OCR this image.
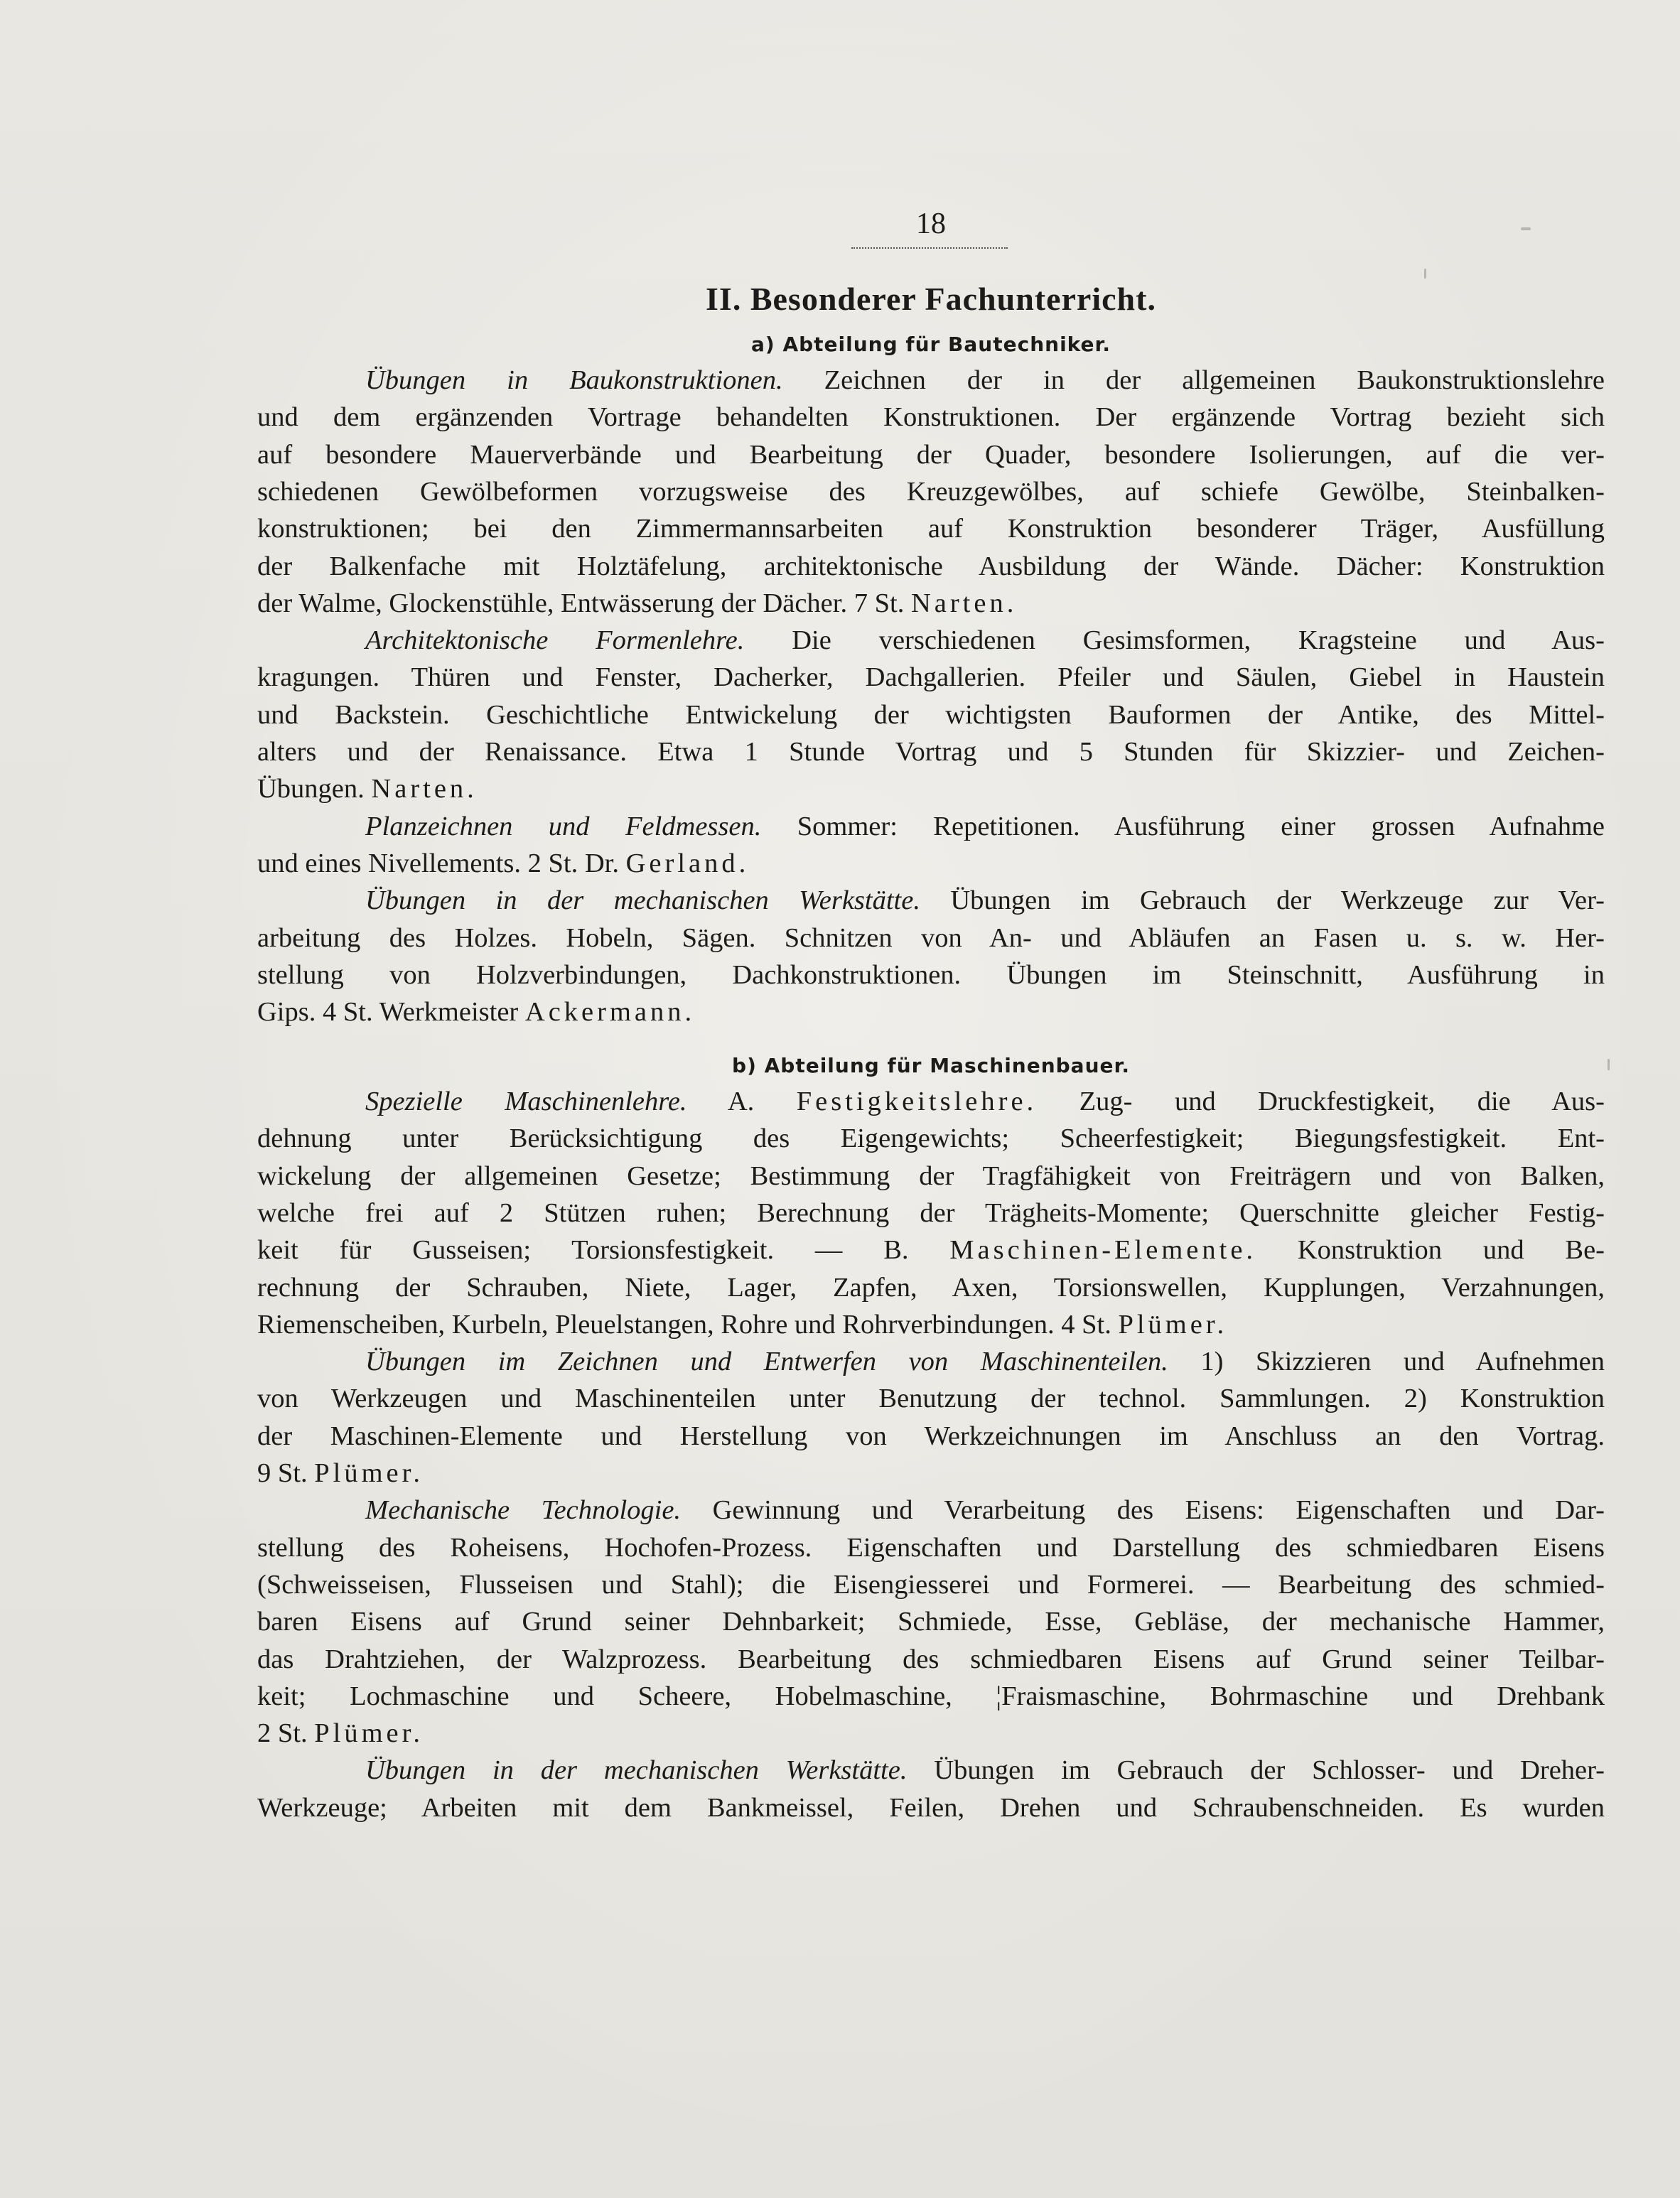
18
II. Besonderer Fachunterricht.
a) Abteilung für Bautechniker.
b) Abteilung für Maschinenbauer.
Übungen in Baukonstruktionen. Zeichnen der in der allgemeinen Baukonstruktionslehre
und dem ergänzenden Vortrage behandelten Konstruktionen. Der ergänzende Vortrag bezieht sich
auf besondere Mauerverbände und Bearbeitung der Quader, besondere Isolierungen, auf die ver-
schiedenen Gewölbeformen vorzugsweise des Kreuzgewölbes, auf schiefe Gewölbe, Steinbalken-
konstruktionen; bei den Zimmermannsarbeiten auf Konstruktion besonderer Träger, Ausfüllung
der Balkenfache mit Holztäfelung, architektonische Ausbildung der Wände. Dächer: Konstruktion
der Walme, Glockenstühle, Entwässerung der Dächer. 7 St. Narten.
Architektonische Formenlehre. Die verschiedenen Gesimsformen, Kragsteine und Aus-
kragungen. Thüren und Fenster, Dacherker, Dachgallerien. Pfeiler und Säulen, Giebel in Haustein
und Backstein. Geschichtliche Entwickelung der wichtigsten Bauformen der Antike, des Mittel-
alters und der Renaissance. Etwa 1 Stunde Vortrag und 5 Stunden für Skizzier- und Zeichen-
Übungen. Narten.
Planzeichnen und Feldmessen. Sommer: Repetitionen. Ausführung einer grossen Aufnahme
und eines Nivellements. 2 St. Dr. Gerland.
Übungen in der mechanischen Werkstätte. Übungen im Gebrauch der Werkzeuge zur Ver-
arbeitung des Holzes. Hobeln, Sägen. Schnitzen von An- und Abläufen an Fasen u. s. w. Her-
stellung von Holzverbindungen, Dachkonstruktionen. Übungen im Steinschnitt, Ausführung in
Gips. 4 St. Werkmeister Ackermann.
Spezielle Maschinenlehre. A. Festigkeitslehre. Zug- und Druckfestigkeit, die Aus-
dehnung unter Berücksichtigung des Eigengewichts; Scheerfestigkeit; Biegungsfestigkeit. Ent-
wickelung der allgemeinen Gesetze; Bestimmung der Tragfähigkeit von Freiträgern und von Balken,
welche frei auf 2 Stützen ruhen; Berechnung der Trägheits-Momente; Querschnitte gleicher Festig-
keit für Gusseisen; Torsionsfestigkeit. — B. Maschinen-Elemente. Konstruktion und Be-
rechnung der Schrauben, Niete, Lager, Zapfen, Axen, Torsionswellen, Kupplungen, Verzahnungen,
Riemenscheiben, Kurbeln, Pleuelstangen, Rohre und Rohrverbindungen. 4 St. Plümer.
Übungen im Zeichnen und Entwerfen von Maschinenteilen. 1) Skizzieren und Aufnehmen
von Werkzeugen und Maschinenteilen unter Benutzung der technol. Sammlungen. 2) Konstruktion
der Maschinen-Elemente und Herstellung von Werkzeichnungen im Anschluss an den Vortrag.
9 St. Plümer.
Mechanische Technologie. Gewinnung und Verarbeitung des Eisens: Eigenschaften und Dar-
stellung des Roheisens, Hochofen-Prozess. Eigenschaften und Darstellung des schmiedbaren Eisens
(Schweisseisen, Flusseisen und Stahl); die Eisengiesserei und Formerei. — Bearbeitung des schmied-
baren Eisens auf Grund seiner Dehnbarkeit; Schmiede, Esse, Gebläse, der mechanische Hammer,
das Drahtziehen, der Walzprozess. Bearbeitung des schmiedbaren Eisens auf Grund seiner Teilbar-
keit; Lochmaschine und Scheere, Hobelmaschine, ¦Fraismaschine, Bohrmaschine und Drehbank
2 St. Plümer.
Übungen in der mechanischen Werkstätte. Übungen im Gebrauch der Schlosser- und Dreher-
Werkzeuge; Arbeiten mit dem Bankmeissel, Feilen, Drehen und Schraubenschneiden. Es wurden
